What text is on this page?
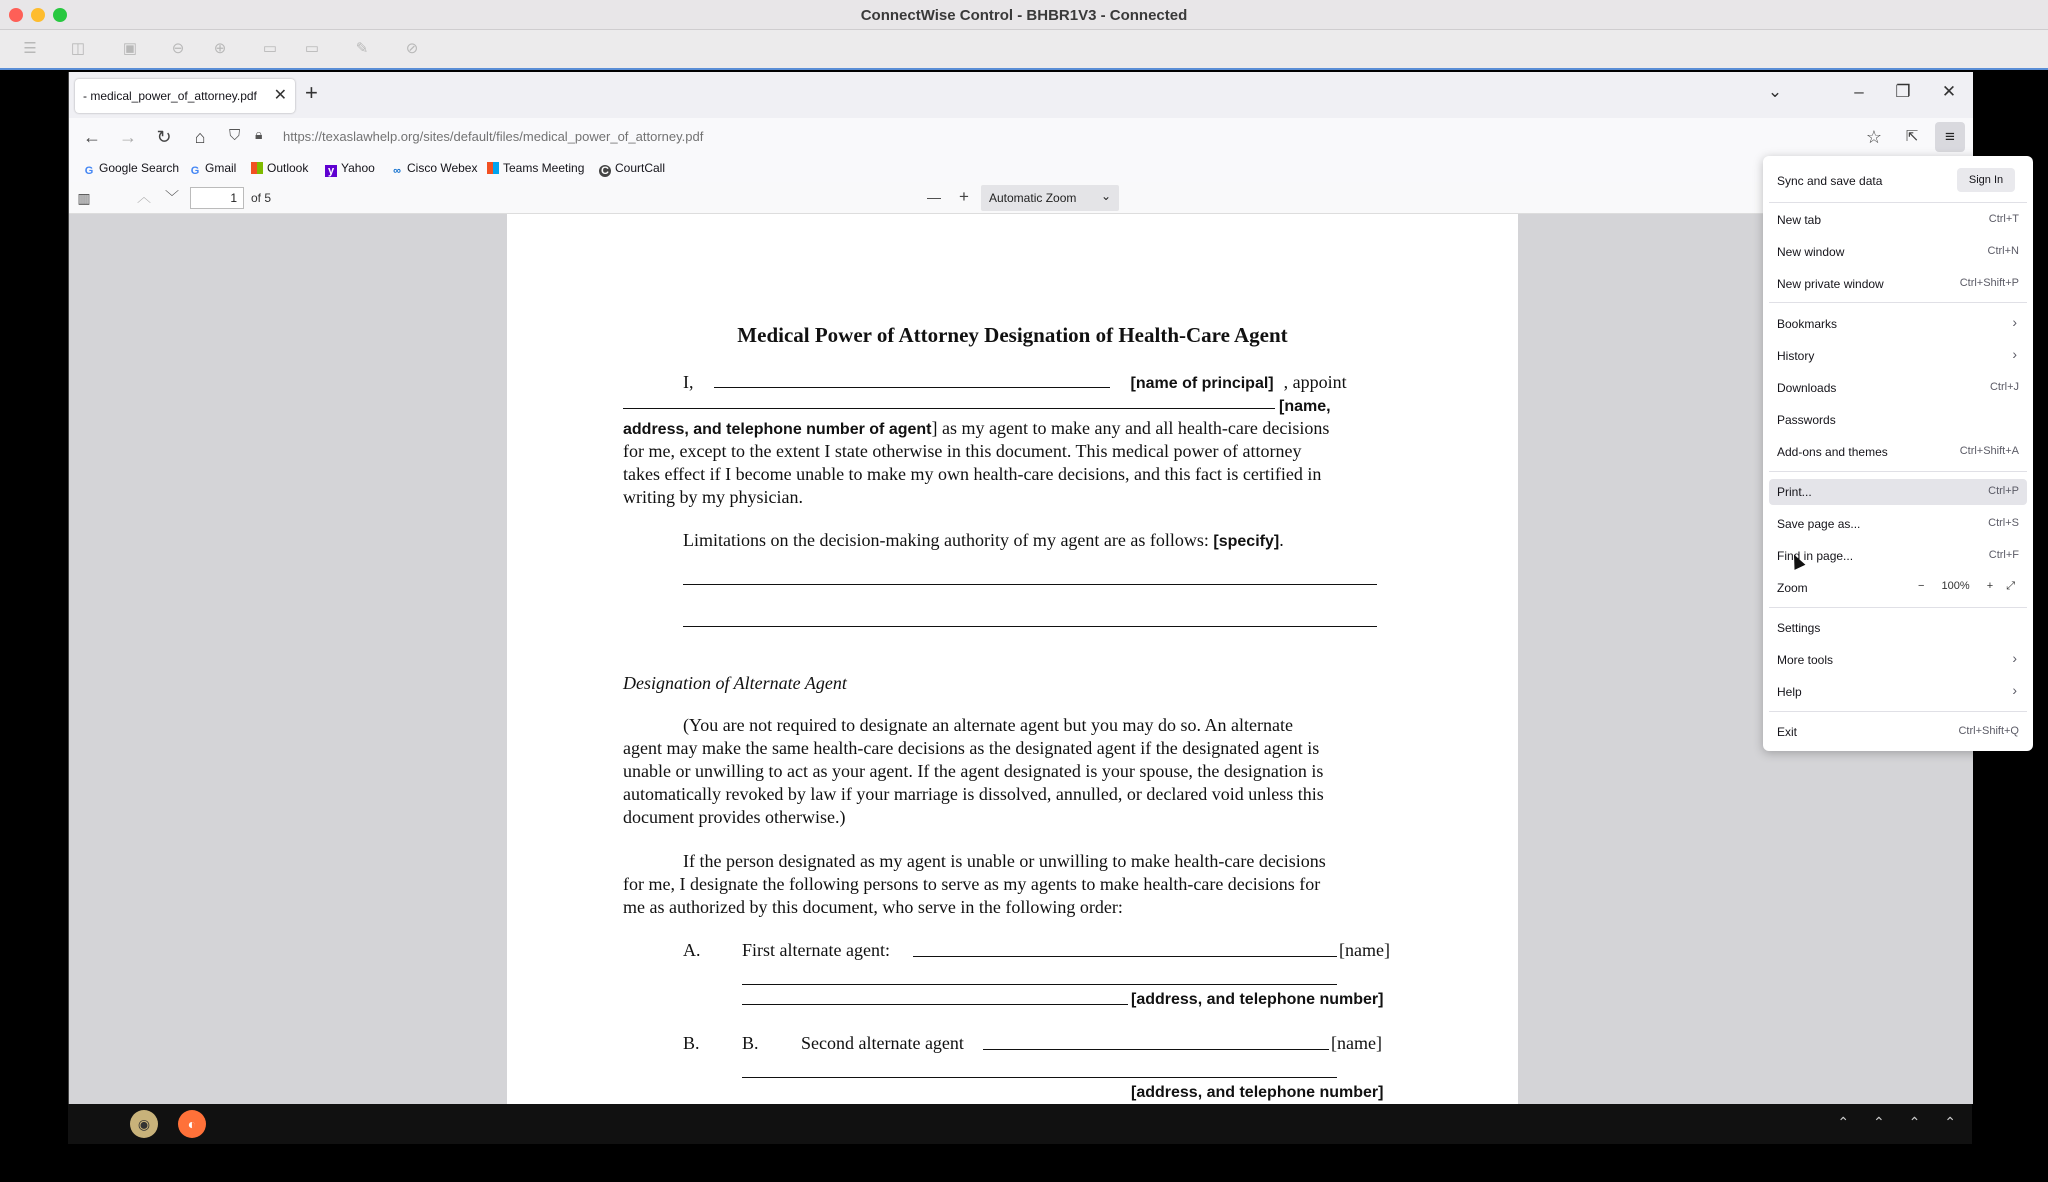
ConnectWise Control - BHBR1V3 - Connected
☰ ◫	▣ ⊖ ⊕ ▭ ▭ ✎ ⊘
- medical_power_of_attorney.pdf ✕ +	⌄	–	❐ ✕
← → ↻	⌂	⛉ 🔒︎ https://texaslawhelp.org/sites/default/files/medical_power_of_attorney.pdf	☆	⇱	≡
G Google Search G Gmail	Outlook y Yahoo ∞ Cisco Webex	Teams Meeting C CourtCall
▥	︿ ﹀	1	of 5	—	+	Automatic Zoom ⌄
Medical Power of Attorney Designation of Health-Care Agent
I,	[name of principal] , appoint
[name,
address, and telephone number of agent] as my agent to make any and all health-care decisions
for me, except to the extent I state otherwise in this document. This medical power of attorney
takes effect if I become unable to make my own health-care decisions, and this fact is certified in
writing by my physician.
Limitations on the decision-making authority of my agent are as follows: [specify].
Designation of Alternate Agent
(You are not required to designate an alternate agent but you may do so. An alternate
agent may make the same health-care decisions as the designated agent if the designated agent is
unable or unwilling to act as your agent. If the agent designated is your spouse, the designation is
automatically revoked by law if your marriage is dissolved, annulled, or declared void unless this
document provides otherwise.)
If the person designated as my agent is unable or unwilling to make health-care decisions
for me, I designate the following persons to serve as my agents to make health-care decisions for
me as authorized by this document, who serve in the following order:
A. First alternate agent:	[name]
[address, and telephone number]
B. B. Second alternate agent	[name]
[address, and telephone number]
Sync and save data	Sign In
New tab	Ctrl+T
New window	Ctrl+N
New private window	Ctrl+Shift+P
Bookmarks	›
History	›
Downloads	Ctrl+J
Passwords
Add-ons and themes	Ctrl+Shift+A
Print...	Ctrl+P
Save page as...	Ctrl+S
Find in page...	Ctrl+F
Zoom	− 100% + ⤢
Settings
More tools	›
Help	›
Exit	Ctrl+Shift+Q
◉	◐	⌃ ⌃ ⌃ ⌃
